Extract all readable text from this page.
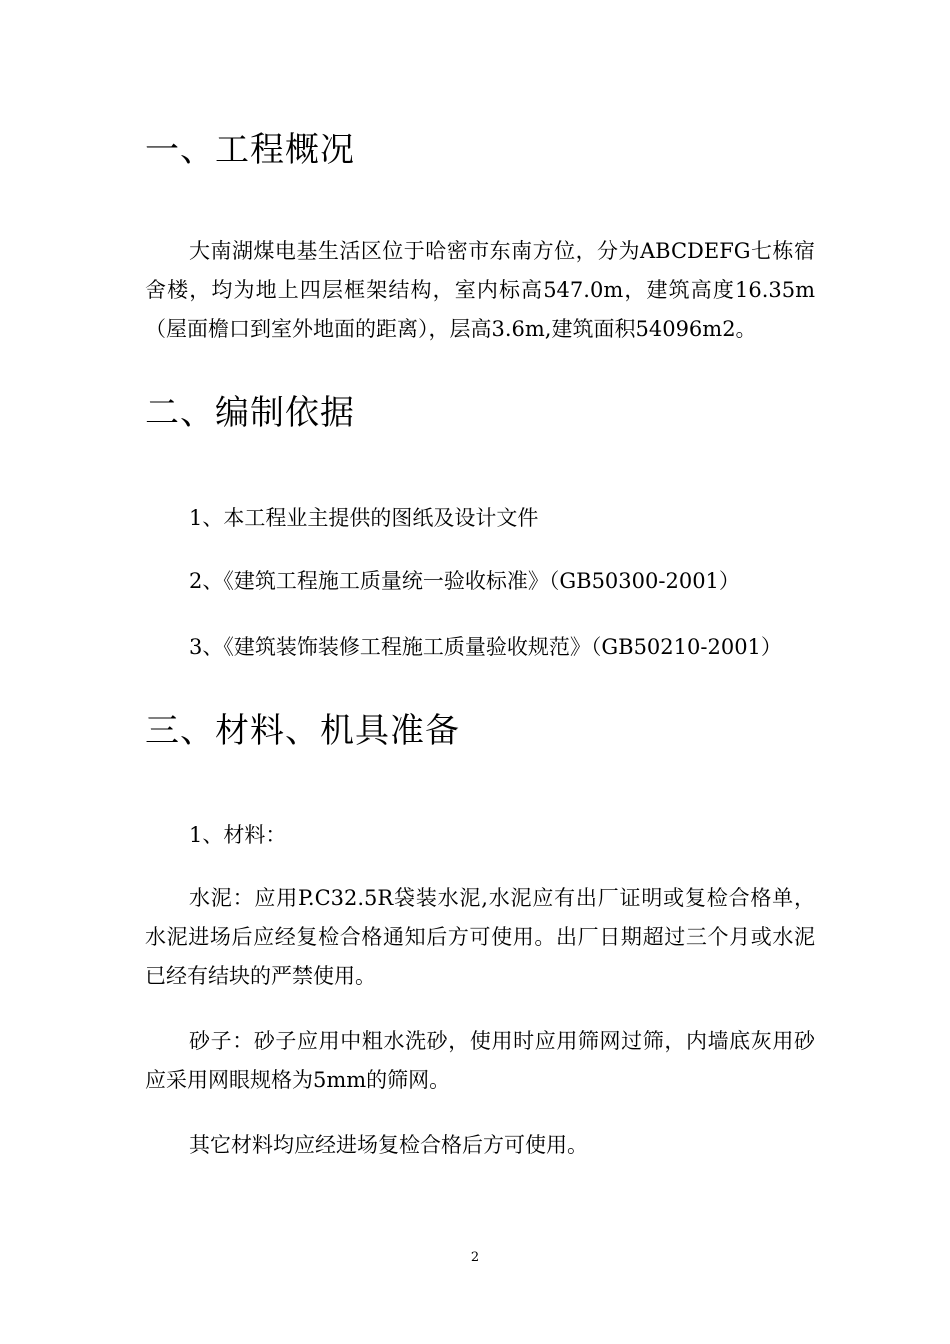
一、工程概况
大南湖煤电基生活区位于哈密市东南方位，分为ABCDEFG七栋宿舍楼，均为地上四层框架结构，室内标高547.0m，建筑高度16.35m（屋面檐口到室外地面的距离），层高3.6m,建筑面积54096m2。
二、编制依据
1、本工程业主提供的图纸及设计文件
2、《建筑工程施工质量统一验收标准》（GB50300-2001）
3、《建筑装饰装修工程施工质量验收规范》（GB50210-2001）
三、材料、机具准备
1、材料：
水泥：应用P.C32.5R袋装水泥,水泥应有出厂证明或复检合格单，水泥进场后应经复检合格通知后方可使用。出厂日期超过三个月或水泥已经有结块的严禁使用。
砂子：砂子应用中粗水洗砂，使用时应用筛网过筛，内墙底灰用砂应采用网眼规格为5mm的筛网。
其它材料均应经进场复检合格后方可使用。
2
